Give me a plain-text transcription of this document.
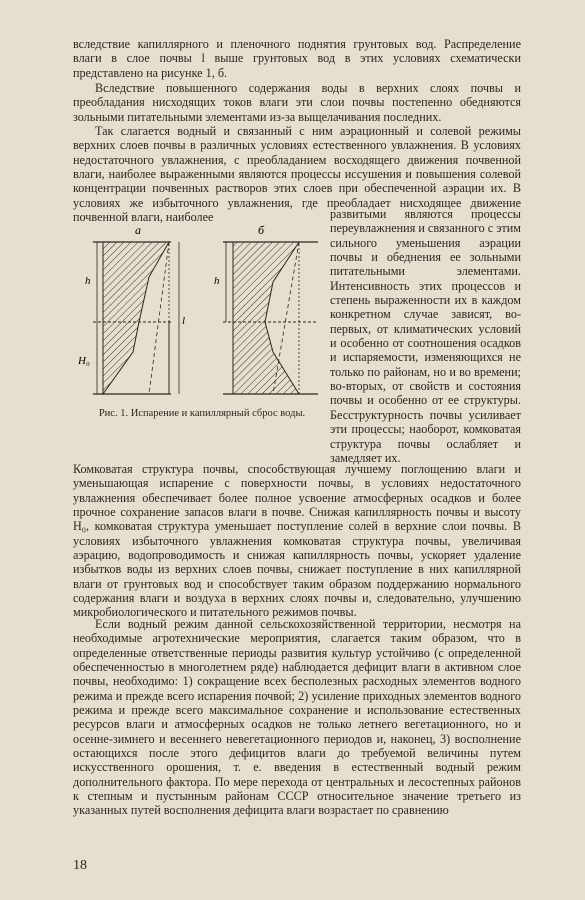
вследствие капиллярного и пленочного поднятия грунтовых вод. Распределение влаги в слое почвы l выше грунтовых вод в этих условиях схематически представлено на рисунке 1, б.

Вследствие повышенного содержания воды в верхних слоях почвы и преобладания нисходящих токов влаги эти слои почвы постепенно обедняются зольными питательными элементами из-за выщелачивания последних.

Так слагается водный и связанный с ним аэрационный и солевой режимы верхних слоев почвы в различных условиях естественного увлажнения. В условиях недостаточного увлажнения, с преобладанием восходящего движения почвенной влаги, наиболее выраженными являются процессы иссушения и повышения солевой концентрации почвенных растворов этих слоев при обеспеченной аэрации их. В условиях же избыточного увлажнения, где преобладает нисходящее движение почвенной влаги, наиболее

а	б
h
H₀
l
h

Рис. 1. Испарение и капиллярный сброс воды.

развитыми являются процессы переувлажнения и связанного с этим сильного уменьшения аэрации почвы и обеднения ее зольными питательными элементами. Интенсивность этих процессов и степень выраженности их в каждом конкретном случае зависят, во-первых, от климатических условий и особенно от соотношения осадков и испаряемости, изменяющихся не только по районам, но и во времени; во-вторых, от свойств и состояния почвы и особенно от ее структуры. Бесструктурность почвы усиливает эти процессы; наоборот, комковатая структура почвы ослабляет и замедляет их.

Комковатая структура почвы, способствующая лучшему поглощению влаги и уменьшающая испарение с поверхности почвы, в условиях недостаточного увлажнения обеспечивает более полное усвоение атмосферных осадков и более прочное сохранение запасов влаги в почве. Снижая капиллярность почвы и высоту H₀, комковатая структура уменьшает поступление солей в верхние слои почвы. В условиях избыточного увлажнения комковатая структура почвы, увеличивая аэрацию, водопроводимость и снижая капиллярность почвы, ускоряет удаление избытков воды из верхних слоев почвы, снижает поступление в них капиллярной влаги от грунтовых вод и способствует таким образом поддержанию нормального содержания влаги и воздуха в верхних слоях почвы и, следовательно, улучшению микробиологического и питательного режимов почвы.

Если водный режим данной сельскохозяйственной территории, несмотря на необходимые агротехнические мероприятия, слагается таким образом, что в определенные ответственные периоды развития культур устойчиво (с определенной обеспеченностью в многолетнем ряде) наблюдается дефицит влаги в активном слое почвы, необходимо: 1) сокращение всех бесполезных расходных элементов водного режима и прежде всего испарения почвой; 2) усиление приходных элементов водного режима и прежде всего максимальное сохранение и использование естественных ресурсов влаги и атмосферных осадков не только летнего вегетационного, но и осенне-зимнего и весеннего невегетационного периодов и, наконец, 3) восполнение остающихся после этого дефицитов влаги до требуемой величины путем искусственного орошения, т. е. введения в естественный водный режим дополнительного фактора. По мере перехода от центральных и лесостепных районов к степным и пустынным районам СССР относительное значение третьего из указанных путей восполнения дефицита влаги возрастает по сравнению

18
